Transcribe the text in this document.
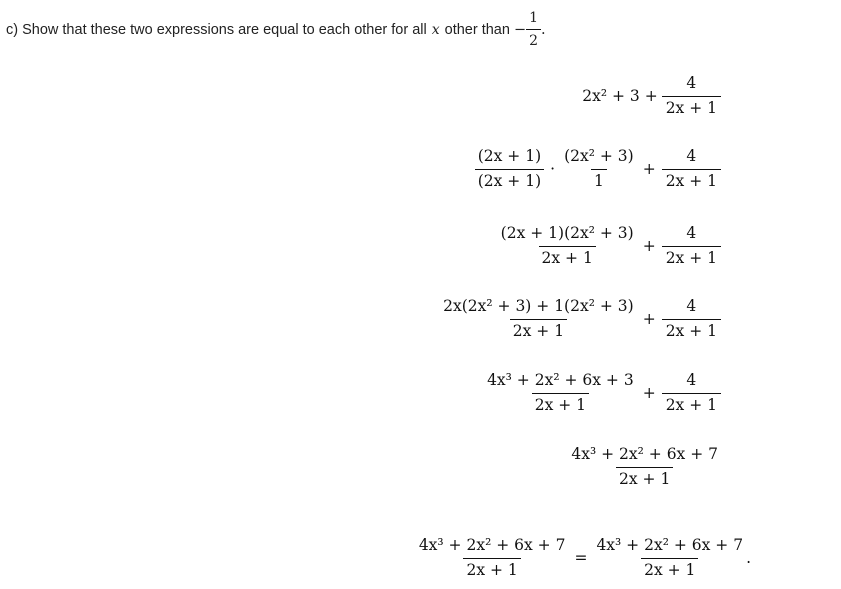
c) Show that these two expressions are equal to each other for all x other than − $\frac{1}{2}$ .
$2x^2 + 3 + \frac{4}{2x + 1}$
$\frac{(2x + 1)}{(2x + 1)} \cdot \frac{\text{(2x² + 3)}}{1} + \frac{4}{2x + 1}$
$\frac{\text{(2x + 1)(2x² + 3)}}{2x + 1} + \frac{4}{2x + 1}$
$\frac{\text{2x(2x² + 3) + 1(2x² + 3)}}{2x + 1} + \frac{4}{2x + 1}$
$\frac{\text{4x³ + 2x² + 6x + 3}}{2x + 1} + \frac{4}{2x + 1}$
$\frac{\text{4x³ + 2x² + 6x + 7}}{2x + 1}$
$\frac{\text{4x³ + 2x² + 6x + 7}}{2x + 1} = \frac{\text{4x³ + 2x² + 6x + 7}}{2x + 1}$ .
